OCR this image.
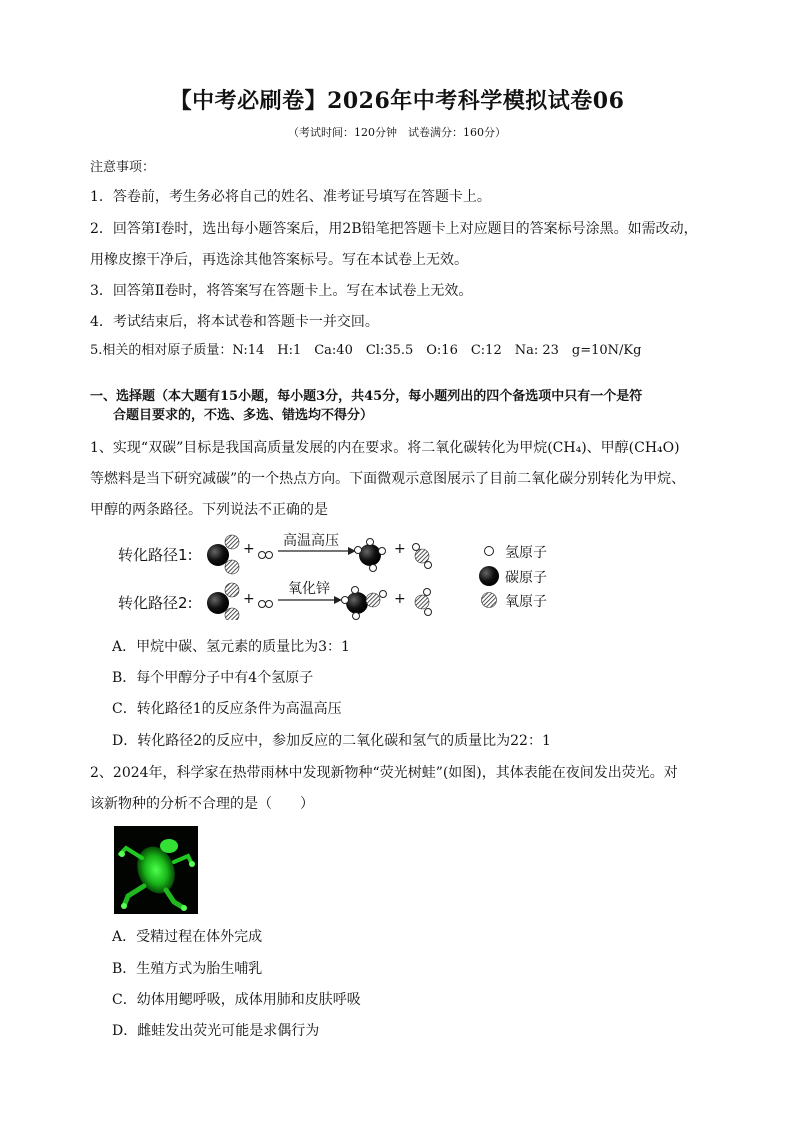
【中考必刷卷】2026年中考科学模拟试卷06
（考试时间：120分钟　试卷满分：160分）
注意事项：
1．答卷前，考生务必将自己的姓名、准考证号填写在答题卡上。
2．回答第Ⅰ卷时，选出每小题答案后，用2B铅笔把答题卡上对应题目的答案标号涂黑。如需改动，
用橡皮擦干净后，再选涂其他答案标号。写在本试卷上无效。
3．回答第Ⅱ卷时，将答案写在答题卡上。写在本试卷上无效。
4．考试结束后，将本试卷和答题卡一并交回。
5.相关的相对原子质量：N:14　H:1　Ca:40　Cl:35.5　O:16　C:12　Na: 23　g=10N/Kg
一、选择题（本大题有15小题，每小题3分，共45分，每小题列出的四个备选项中只有一个是符
合题目要求的，不选、多选、错选均不得分）
1、实现“双碳”目标是我国高质量发展的内在要求。将二氧化碳转化为甲烷(CH₄)、甲醇(CH₄O)
等燃料是当下研究减碳”的一个热点方向。下面微观示意图展示了目前二氧化碳分别转化为甲烷、
甲醇的两条路径。下列说法不正确的是
转化路径1:
转化路径2:
高温高压
氧化锌
+	+
+	+
氢原子
碳原子
氧原子
A．甲烷中碳、氢元素的质量比为3：1
B．每个甲醇分子中有4个氢原子
C．转化路径1的反应条件为高温高压
D．转化路径2的反应中，参加反应的二氧化碳和氢气的质量比为22：1
2、2024年，科学家在热带雨林中发现新物种“荧光树蛙”(如图)，其体表能在夜间发出荧光。对
该新物种的分析不合理的是（　　）
A．受精过程在体外完成
B．生殖方式为胎生哺乳
C．幼体用鳃呼吸，成体用肺和皮肤呼吸
D．雌蛙发出荧光可能是求偶行为
